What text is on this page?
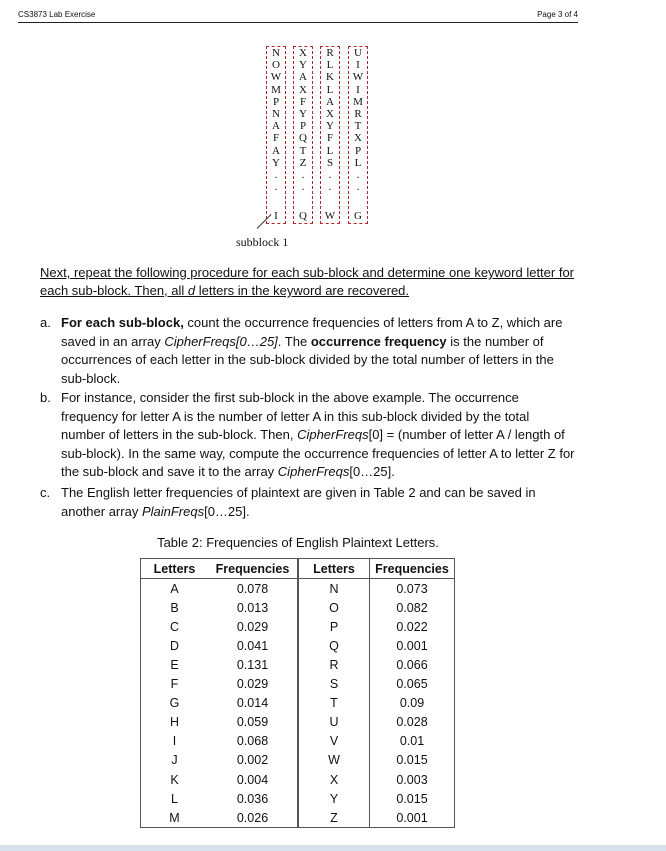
CS3873 Lab Exercise	Page 3 of 4
N
O
W
M
P
N
A
F
A
Y
.
.
I
X
Y
A
X
F
Y
P
Q
T
Z
.
.
Q
R
L
K
L
A
X
Y
F
L
S
.
.
W
U
I
W
I
M
R
T
X
P
L
.
.
G
subblock 1
Next, repeat the following procedure for each sub-block and determine one keyword letter for each sub-block. Then, all d letters in the keyword are recovered.
a. For each sub-block, count the occurrence frequencies of letters from A to Z, which are saved in an array CipherFreqs[0…25]. The occurrence frequency is the number of occurrences of each letter in the sub-block divided by the total number of letters in the sub-block.
b. For instance, consider the first sub-block in the above example. The occurrence frequency for letter A is the number of letter A in this sub-block divided by the total number of letters in the sub-block. Then, CipherFreqs[0] = (number of letter A / length of sub-block). In the same way, compute the occurrence frequencies of letter A to letter Z for the sub-block and save it to the array CipherFreqs[0…25].
c. The English letter frequencies of plaintext are given in Table 2 and can be saved in another array PlainFreqs[0…25].
Table 2: Frequencies of English Plaintext Letters.
Letters	Frequencies	Letters	Frequencies
A	0.078	N	0.073
B	0.013	O	0.082
C	0.029	P	0.022
D	0.041	Q	0.001
E	0.131	R	0.066
F	0.029	S	0.065
G	0.014	T	0.09
H	0.059	U	0.028
I	0.068	V	0.01
J	0.002	W	0.015
K	0.004	X	0.003
L	0.036	Y	0.015
M	0.026	Z	0.001
